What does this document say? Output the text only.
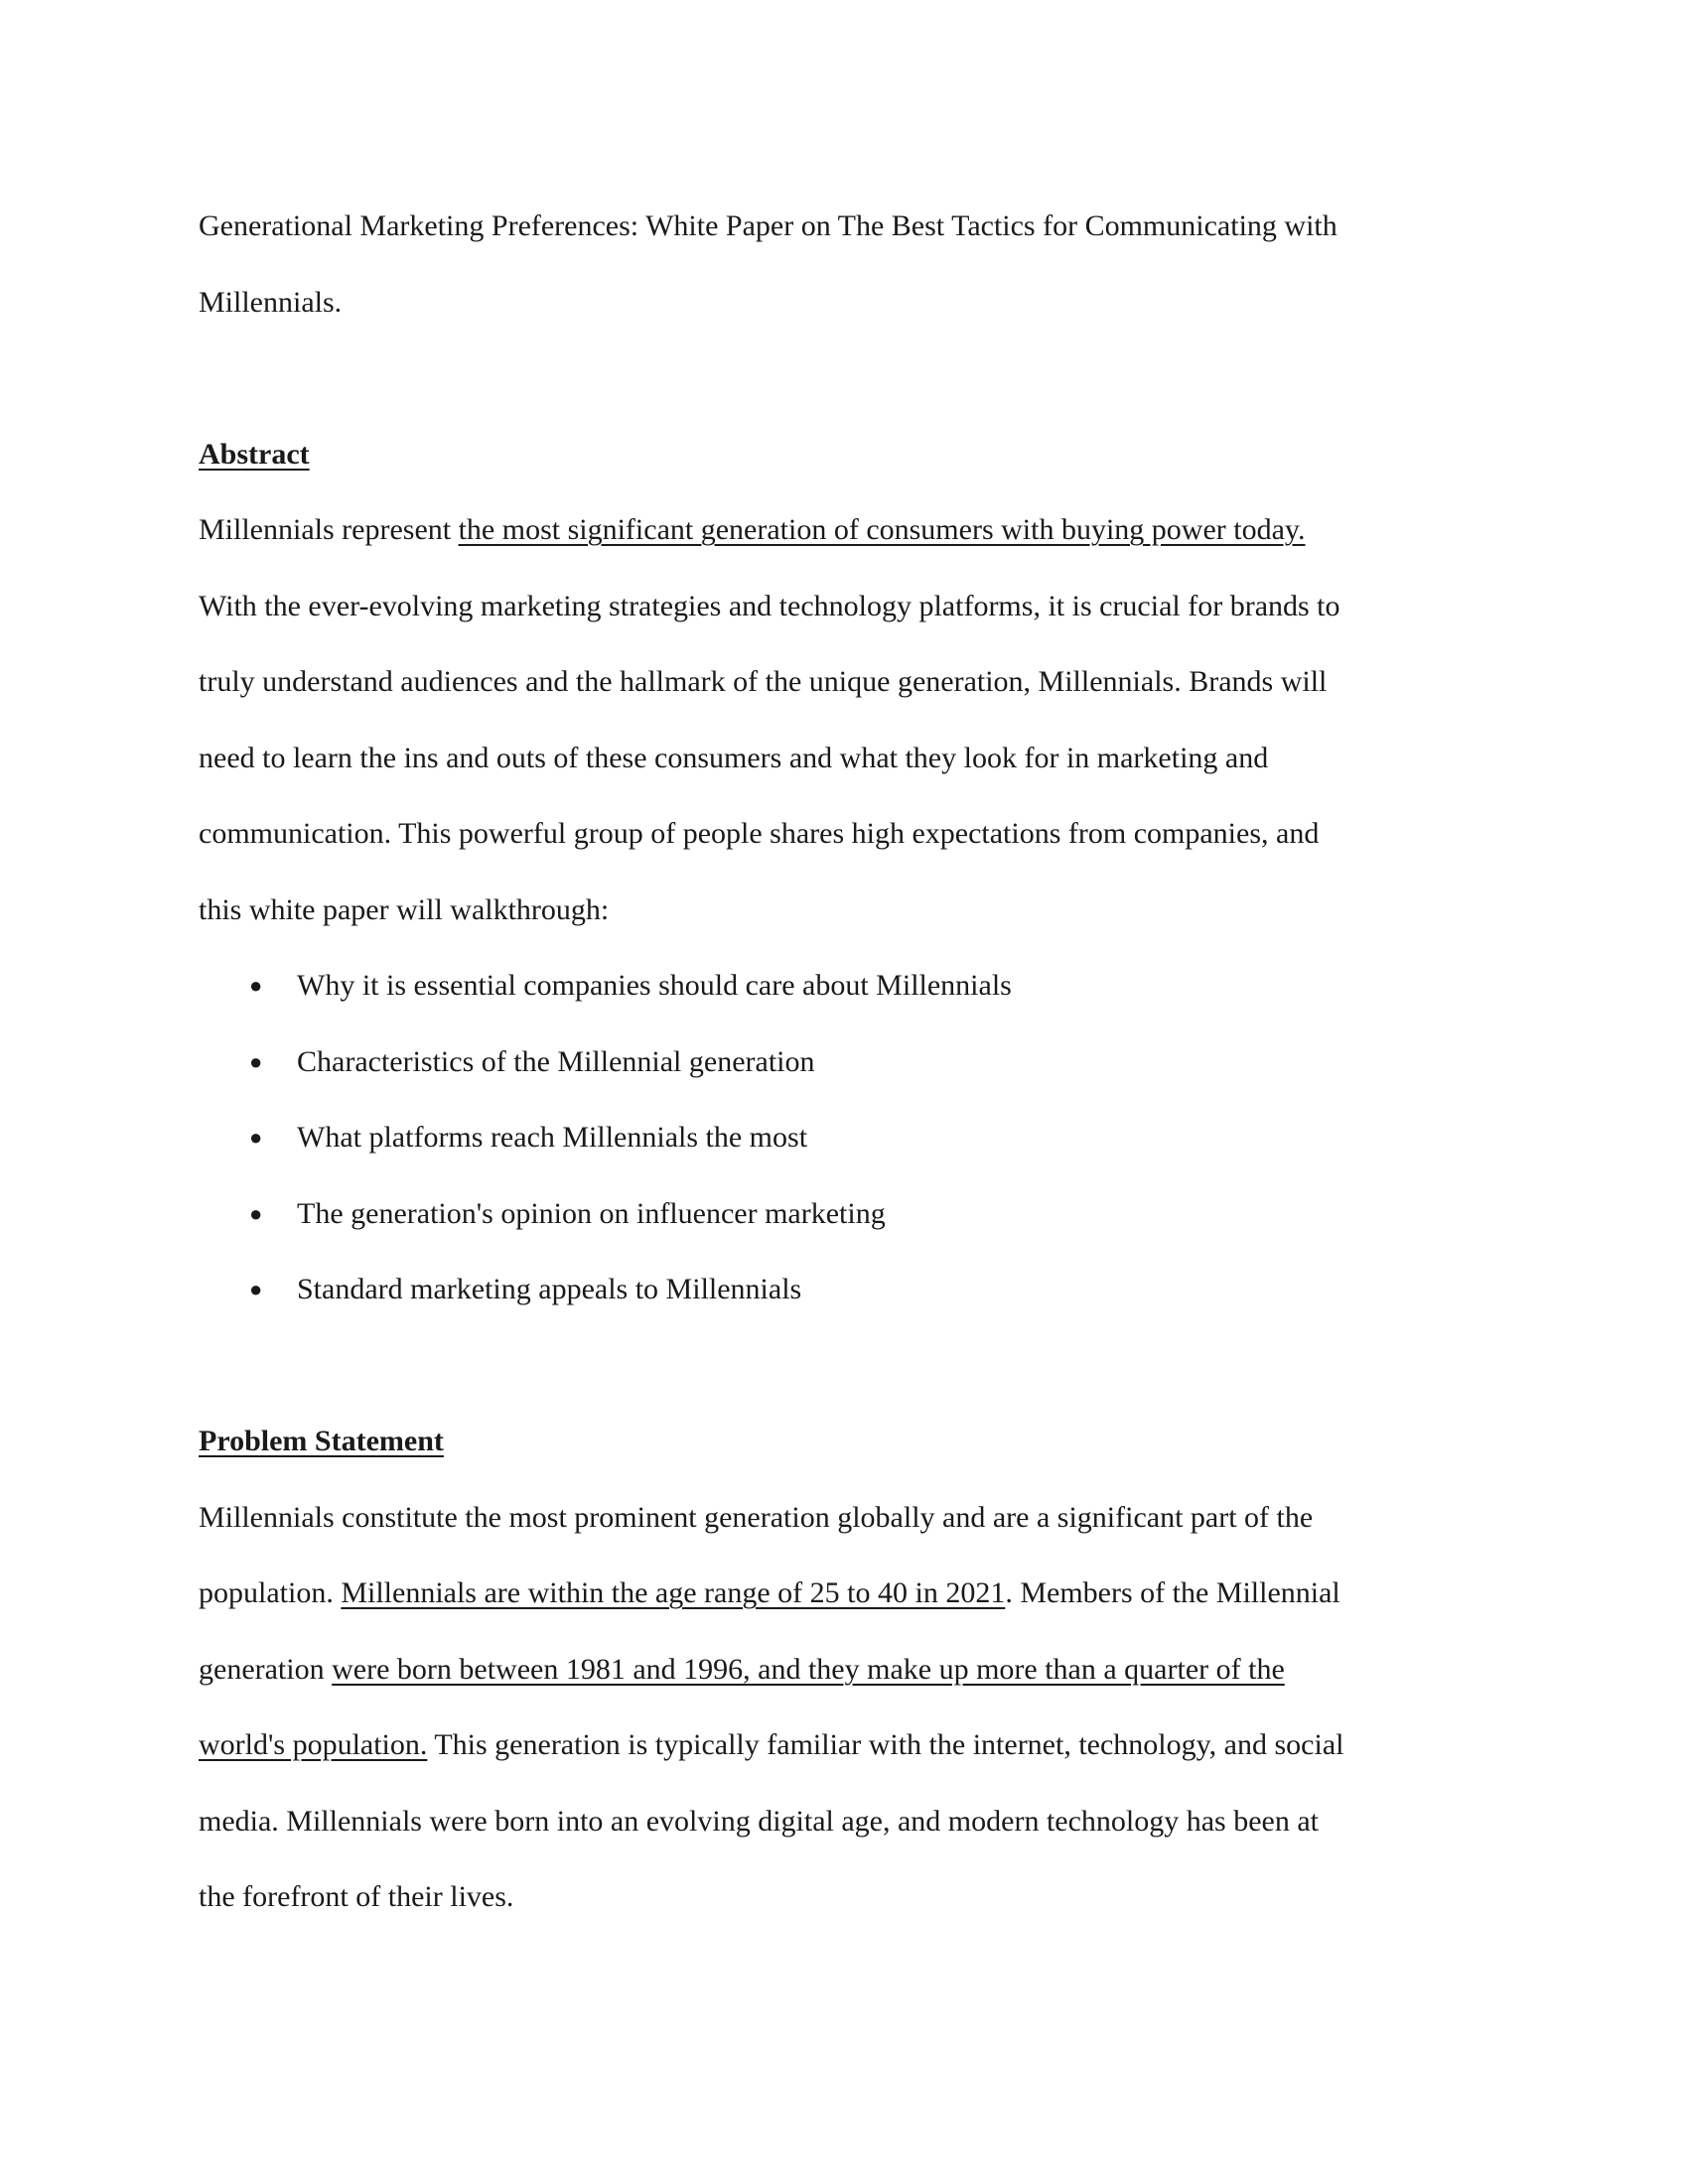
Generational Marketing Preferences: White Paper on The Best Tactics for Communicating with
Millennials.
Abstract
Millennials represent the most significant generation of consumers with buying power today.
With the ever-evolving marketing strategies and technology platforms, it is crucial for brands to
truly understand audiences and the hallmark of the unique generation, Millennials. Brands will
need to learn the ins and outs of these consumers and what they look for in marketing and
communication. This powerful group of people shares high expectations from companies, and
this white paper will walkthrough:
● Why it is essential companies should care about Millennials
● Characteristics of the Millennial generation
● What platforms reach Millennials the most
● The generation's opinion on influencer marketing
● Standard marketing appeals to Millennials
Problem Statement
Millennials constitute the most prominent generation globally and are a significant part of the
population. Millennials are within the age range of 25 to 40 in 2021. Members of the Millennial
generation were born between 1981 and 1996, and they make up more than a quarter of the
world's population. This generation is typically familiar with the internet, technology, and social
media. Millennials were born into an evolving digital age, and modern technology has been at
the forefront of their lives.
